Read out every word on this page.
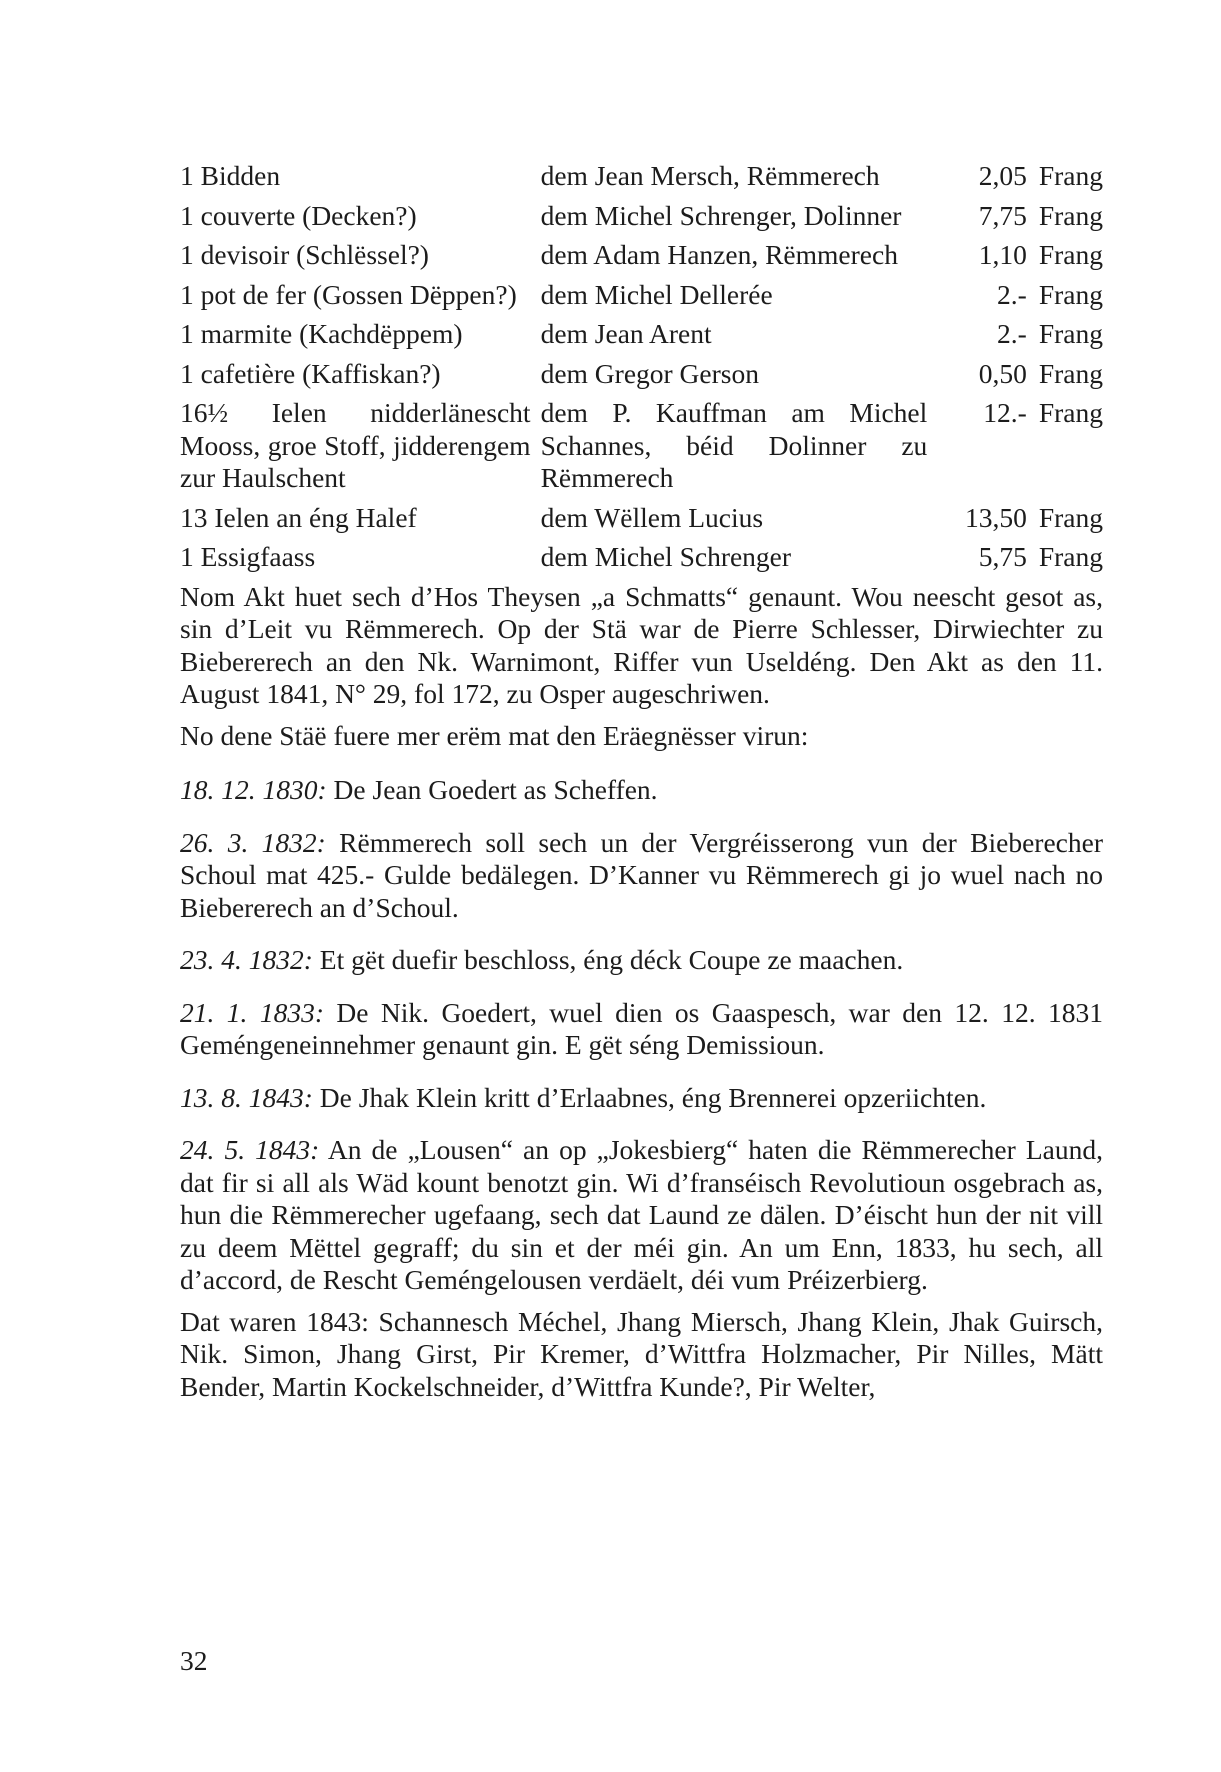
1 Bidden	dem Jean Mersch, Rëmmerech	2,05	Frang
1 couverte (Decken?)	dem Michel Schrenger, Dolinner	7,75	Frang
1 devisoir (Schlëssel?)	dem Adam Hanzen, Rëmmerech	1,10	Frang
1 pot de fer (Gossen Dëppen?)	dem Michel Dellerée	2.-	Frang
1 marmite (Kachdëppem)	dem Jean Arent	2.-	Frang
1 cafetière (Kaffiskan?)	dem Gregor Gerson	0,50	Frang
16½ Ielen nidderlänescht Mooss, groe Stoff, jidderengem zur Haulschent	dem P. Kauffman am Michel Schannes, béid Dolinner zu Rëmmerech	12.-	Frang
13 Ielen an éng Halef	dem Wëllem Lucius	13,50	Frang
1 Essigfaass	dem Michel Schrenger	5,75	Frang

Nom Akt huet sech d’Hos Theysen „a Schmatts“ genaunt. Wou neescht gesot as, sin d’Leit vu Rëmmerech. Op der Stä war de Pierre Schlesser, Dirwiechter zu Biebererech an den Nk. Warnimont, Riffer vun Useldéng. Den Akt as den 11. August 1841, N° 29, fol 172, zu Osper augeschriwen.

No dene Stäë fuere mer erëm mat den Eräegnësser virun:

18. 12. 1830: De Jean Goedert as Scheffen.

26. 3. 1832: Rëmmerech soll sech un der Vergréisserong vun der Bieberecher Schoul mat 425.- Gulde bedälegen. D’Kanner vu Rëmmerech gi jo wuel nach no Biebererech an d’Schoul.

23. 4. 1832: Et gët duefir beschloss, éng déck Coupe ze maachen.

21. 1. 1833: De Nik. Goedert, wuel dien os Gaaspesch, war den 12. 12. 1831 Geméngeneinnehmer genaunt gin. E gët séng Demissioun.

13. 8. 1843: De Jhak Klein kritt d’Erlaabnes, éng Brennerei opzeriichten.

24. 5. 1843: An de „Lousen“ an op „Jokesbierg“ haten die Rëmmerecher Laund, dat fir si all als Wäd kount benotzt gin. Wi d’franséisch Revolutioun osgebrach as, hun die Rëmmerecher ugefaang, sech dat Laund ze dälen. D’éischt hun der nit vill zu deem Mëttel gegraff; du sin et der méi gin. An um Enn, 1833, hu sech, all d’accord, de Rescht Geméngelousen verdäelt, déi vum Préizerbierg.

Dat waren 1843: Schannesch Méchel, Jhang Miersch, Jhang Klein, Jhak Guirsch, Nik. Simon, Jhang Girst, Pir Kremer, d’Wittfra Holzmacher, Pir Nilles, Mätt Bender, Martin Kockelschneider, d’Wittfra Kunde?, Pir Welter,

32
